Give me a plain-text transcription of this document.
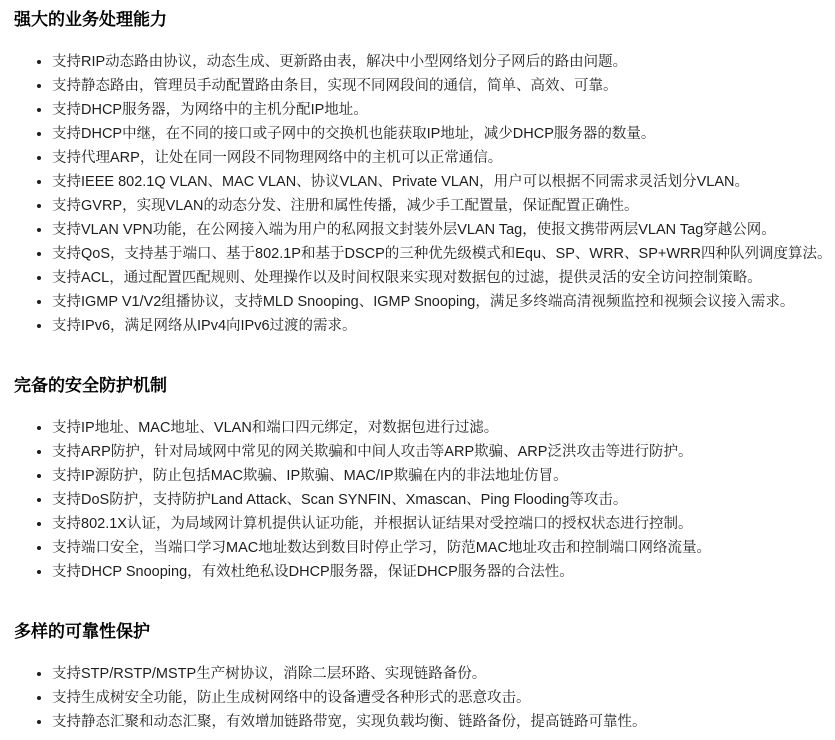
强大的业务处理能力
• 支持RIP动态路由协议，动态生成、更新路由表，解决中小型网络划分子网后的路由问题。
• 支持静态路由，管理员手动配置路由条目，实现不同网段间的通信，简单、高效、可靠。
• 支持DHCP服务器，为网络中的主机分配IP地址。
• 支持DHCP中继，在不同的接口或子网中的交换机也能获取IP地址，减少DHCP服务器的数量。
• 支持代理ARP，让处在同一网段不同物理网络中的主机可以正常通信。
• 支持IEEE 802.1Q VLAN、MAC VLAN、协议VLAN、Private VLAN，用户可以根据不同需求灵活划分VLAN。
• 支持GVRP，实现VLAN的动态分发、注册和属性传播，减少手工配置量，保证配置正确性。
• 支持VLAN VPN功能，在公网接入端为用户的私网报文封装外层VLAN Tag，使报文携带两层VLAN Tag穿越公网。
• 支持QoS，支持基于端口、基于802.1P和基于DSCP的三种优先级模式和Equ、SP、WRR、SP+WRR四种队列调度算法。
• 支持ACL，通过配置匹配规则、处理操作以及时间权限来实现对数据包的过滤，提供灵活的安全访问控制策略。
• 支持IGMP V1/V2组播协议，支持MLD Snooping、IGMP Snooping，满足多终端高清视频监控和视频会议接入需求。
• 支持IPv6，满足网络从IPv4向IPv6过渡的需求。
完备的安全防护机制
• 支持IP地址、MAC地址、VLAN和端口四元绑定，对数据包进行过滤。
• 支持ARP防护，针对局域网中常见的网关欺骗和中间人攻击等ARP欺骗、ARP泛洪攻击等进行防护。
• 支持IP源防护，防止包括MAC欺骗、IP欺骗、MAC/IP欺骗在内的非法地址仿冒。
• 支持DoS防护，支持防护Land Attack、Scan SYNFIN、Xmascan、Ping Flooding等攻击。
• 支持802.1X认证，为局域网计算机提供认证功能，并根据认证结果对受控端口的授权状态进行控制。
• 支持端口安全，当端口学习MAC地址数达到数目时停止学习，防范MAC地址攻击和控制端口网络流量。
• 支持DHCP Snooping，有效杜绝私设DHCP服务器，保证DHCP服务器的合法性。
多样的可靠性保护
• 支持STP/RSTP/MSTP生产树协议，消除二层环路、实现链路备份。
• 支持生成树安全功能，防止生成树网络中的设备遭受各种形式的恶意攻击。
• 支持静态汇聚和动态汇聚，有效增加链路带宽，实现负载均衡、链路备份，提高链路可靠性。
